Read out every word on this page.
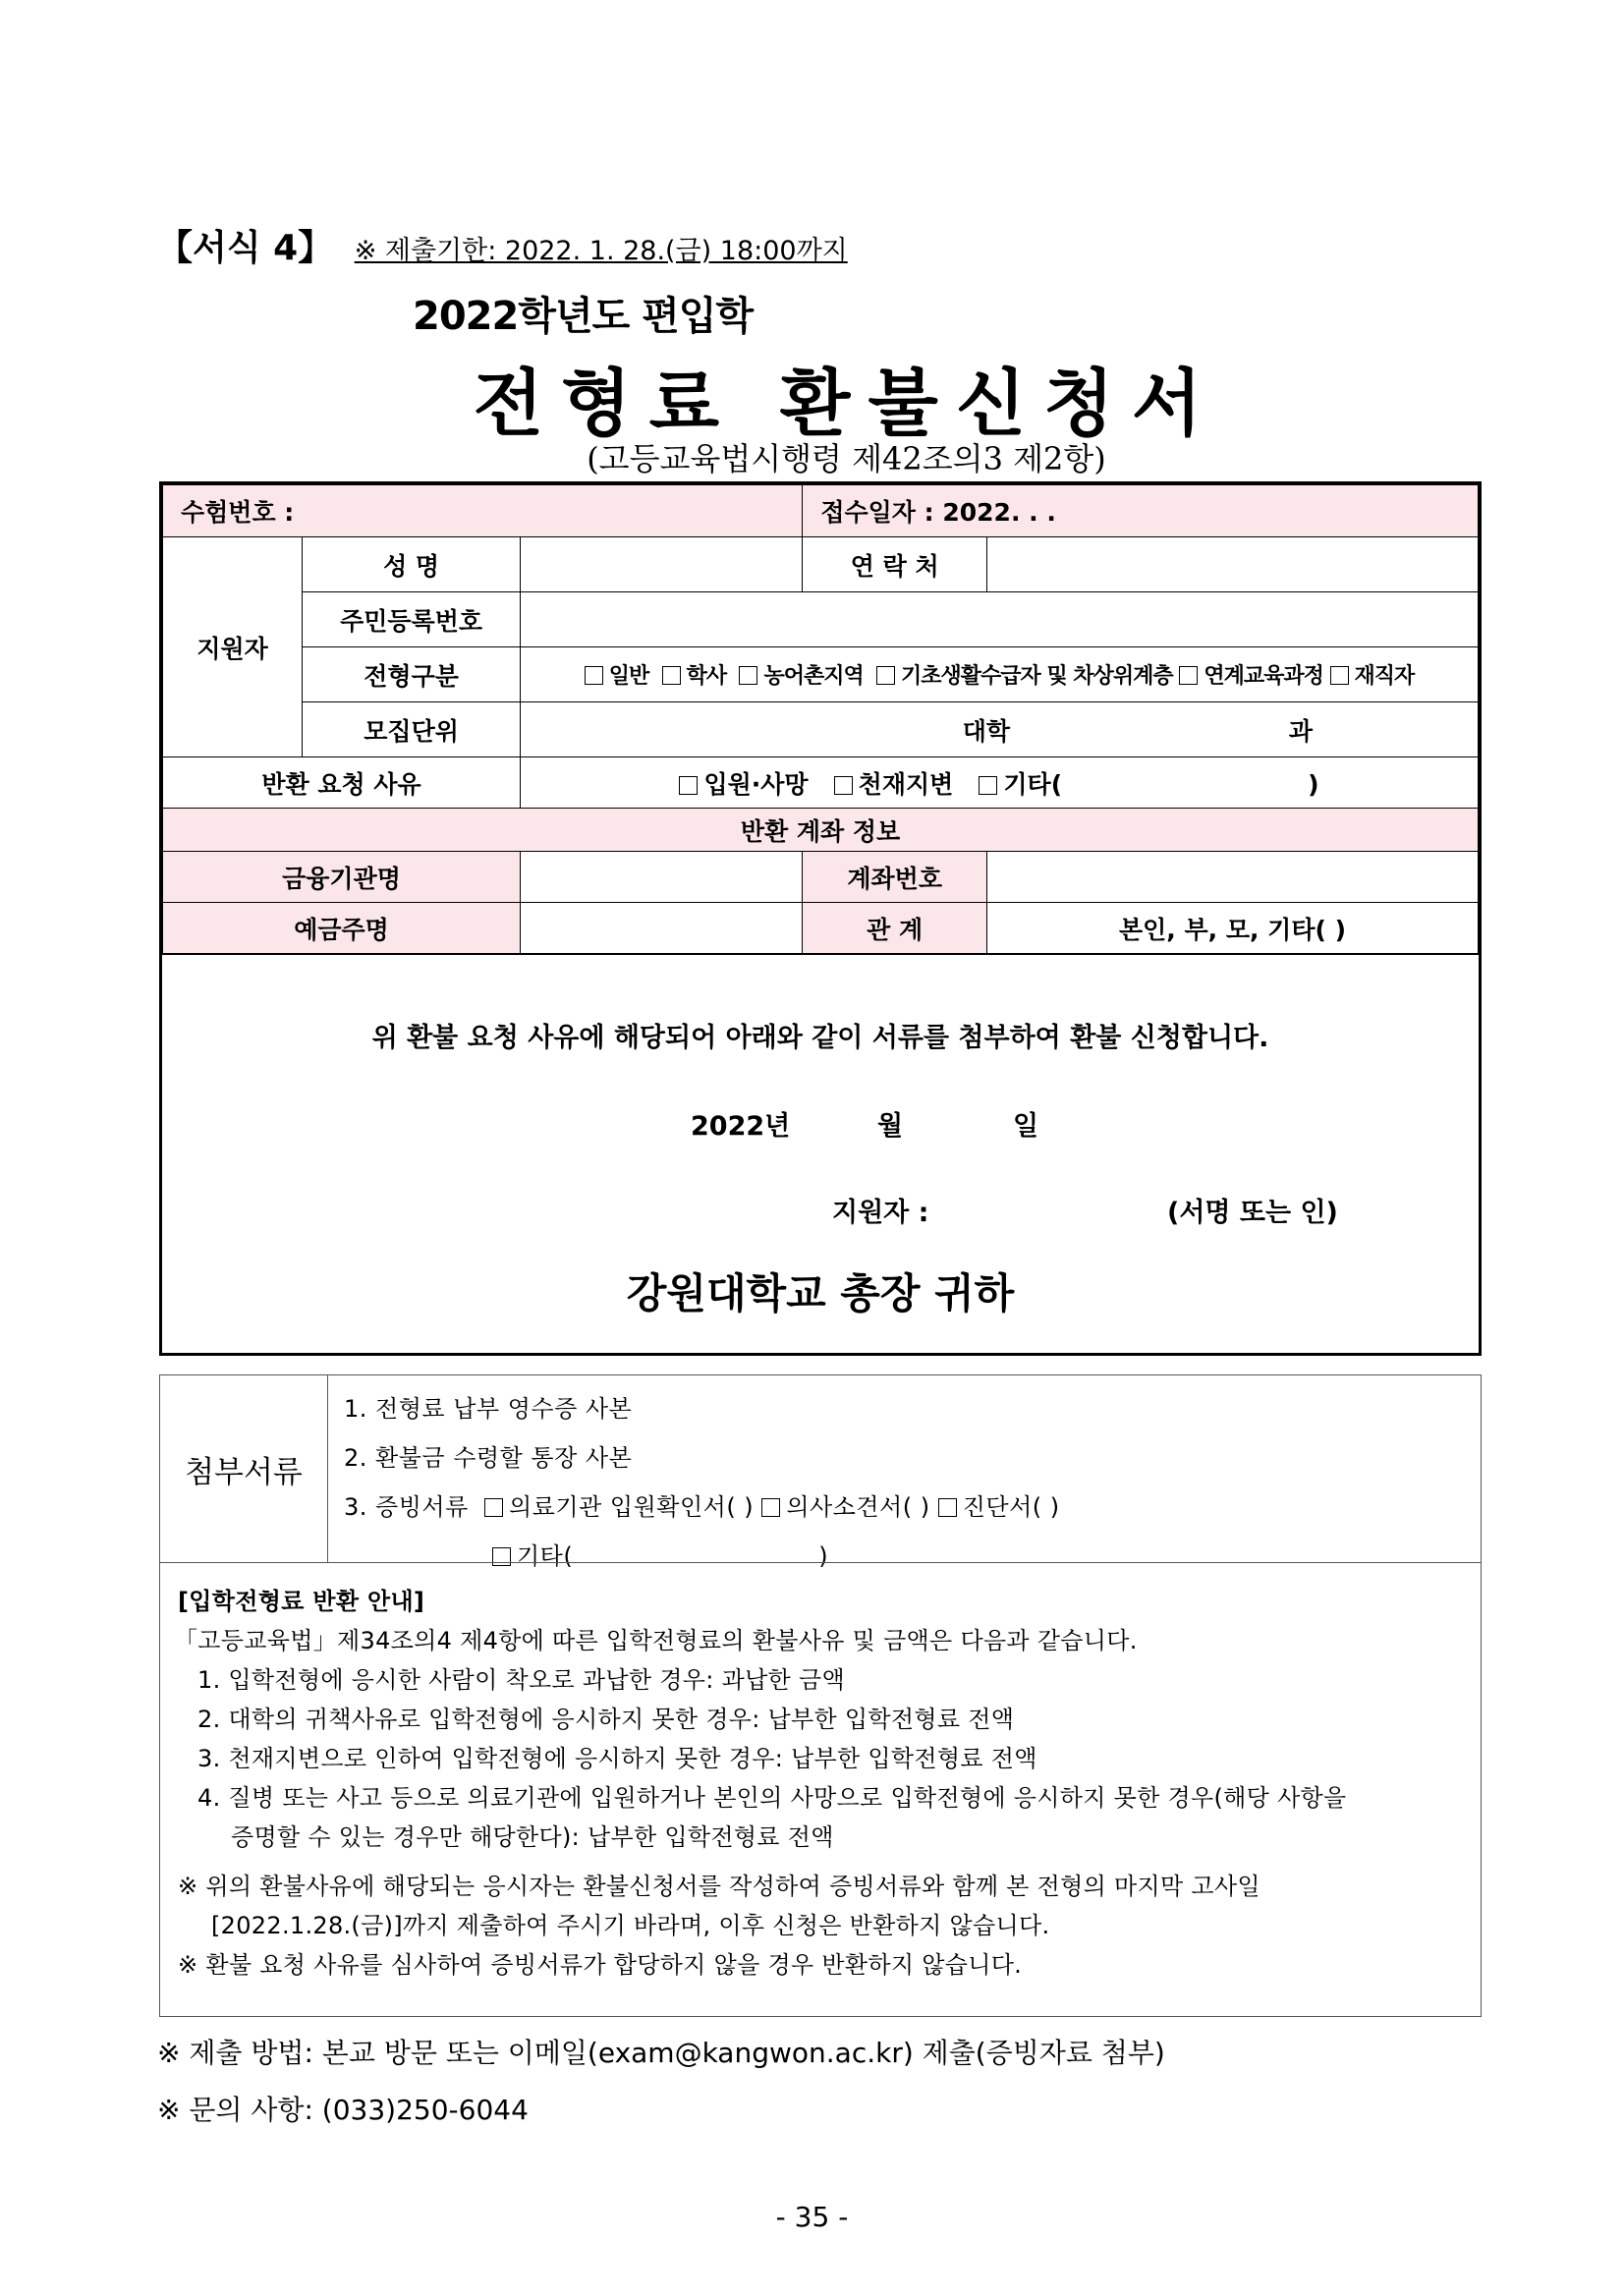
【서식 4】 ※ 제출기한: 2022. 1. 28.(금) 18:00까지
2022학년도 편입학
전형료 환불신청서
(고등교육법시행령 제42조의3 제2항)
수험번호 :			접수일자 : 2022. . .	
지원자	성 명		연 락 처	
	주민등록번호			
	전형구분	일반 학사 농어촌지역 기초생활수급자 및 차상위계층 연계교육과정 재직자		
	모집단위	대학 과		
반환 요청 사유		입원·사망 천재지변 기타( )		
반환 계좌 정보				
금융기관명			계좌번호	
예금주명			관 계	본인, 부, 모, 기타( )
위 환불 요청 사유에 해당되어 아래와 같이 서류를 첨부하여 환불 신청합니다.
2022년	월	일
지원자 :	(서명 또는 인)
강원대학교 총장 귀하
첨부서류
1. 전형료 납부 영수증 사본
2. 환불금 수령할 통장 사본
3. 증빙서류 의료기관 입원확인서( ) 의사소견서( ) 진단서( )
기타(	)
[입학전형료 반환 안내]
「고등교육법」제34조의4 제4항에 따른 입학전형료의 환불사유 및 금액은 다음과 같습니다.
1. 입학전형에 응시한 사람이 착오로 과납한 경우: 과납한 금액
2. 대학의 귀책사유로 입학전형에 응시하지 못한 경우: 납부한 입학전형료 전액
3. 천재지변으로 인하여 입학전형에 응시하지 못한 경우: 납부한 입학전형료 전액
4. 질병 또는 사고 등으로 의료기관에 입원하거나 본인의 사망으로 입학전형에 응시하지 못한 경우(해당 사항을
증명할 수 있는 경우만 해당한다): 납부한 입학전형료 전액
※ 위의 환불사유에 해당되는 응시자는 환불신청서를 작성하여 증빙서류와 함께 본 전형의 마지막 고사일
[2022.1.28.(금)]까지 제출하여 주시기 바라며, 이후 신청은 반환하지 않습니다.
※ 환불 요청 사유를 심사하여 증빙서류가 합당하지 않을 경우 반환하지 않습니다.
※ 제출 방법: 본교 방문 또는 이메일(exam@kangwon.ac.kr) 제출(증빙자료 첨부)
※ 문의 사항: (033)250-6044
- 35 -
